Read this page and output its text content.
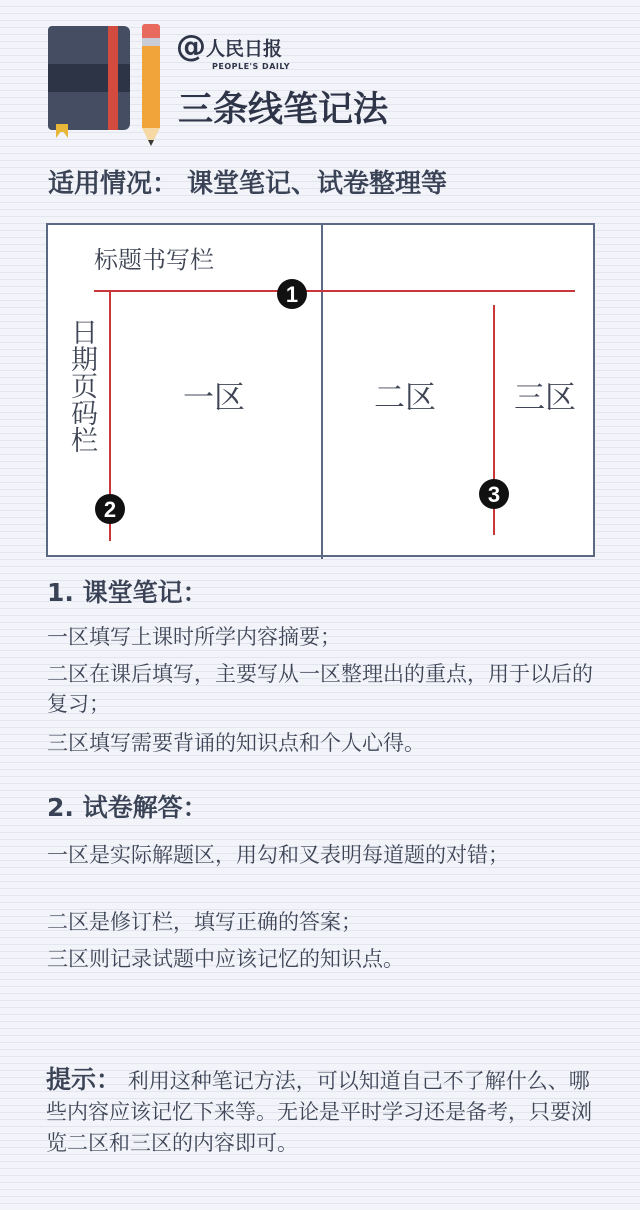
@ 人民日报
PEOPLE'S DAILY
三条线笔记法
适用情况： 课堂笔记、试卷整理等
1
2
3
标题书写栏
日期页码栏	一区	二区	三区
1. 课堂笔记：
一区填写上课时所学内容摘要；
二区在课后填写，主要写从一区整理出的重点，用于以后的复习；
三区填写需要背诵的知识点和个人心得。
2. 试卷解答：
一区是实际解题区，用勾和叉表明每道题的对错；
二区是修订栏，填写正确的答案；
三区则记录试题中应该记忆的知识点。
提示： 利用这种笔记方法，可以知道自己不了解什么、哪些内容应该记忆下来等。无论是平时学习还是备考，只要浏览二区和三区的内容即可。
